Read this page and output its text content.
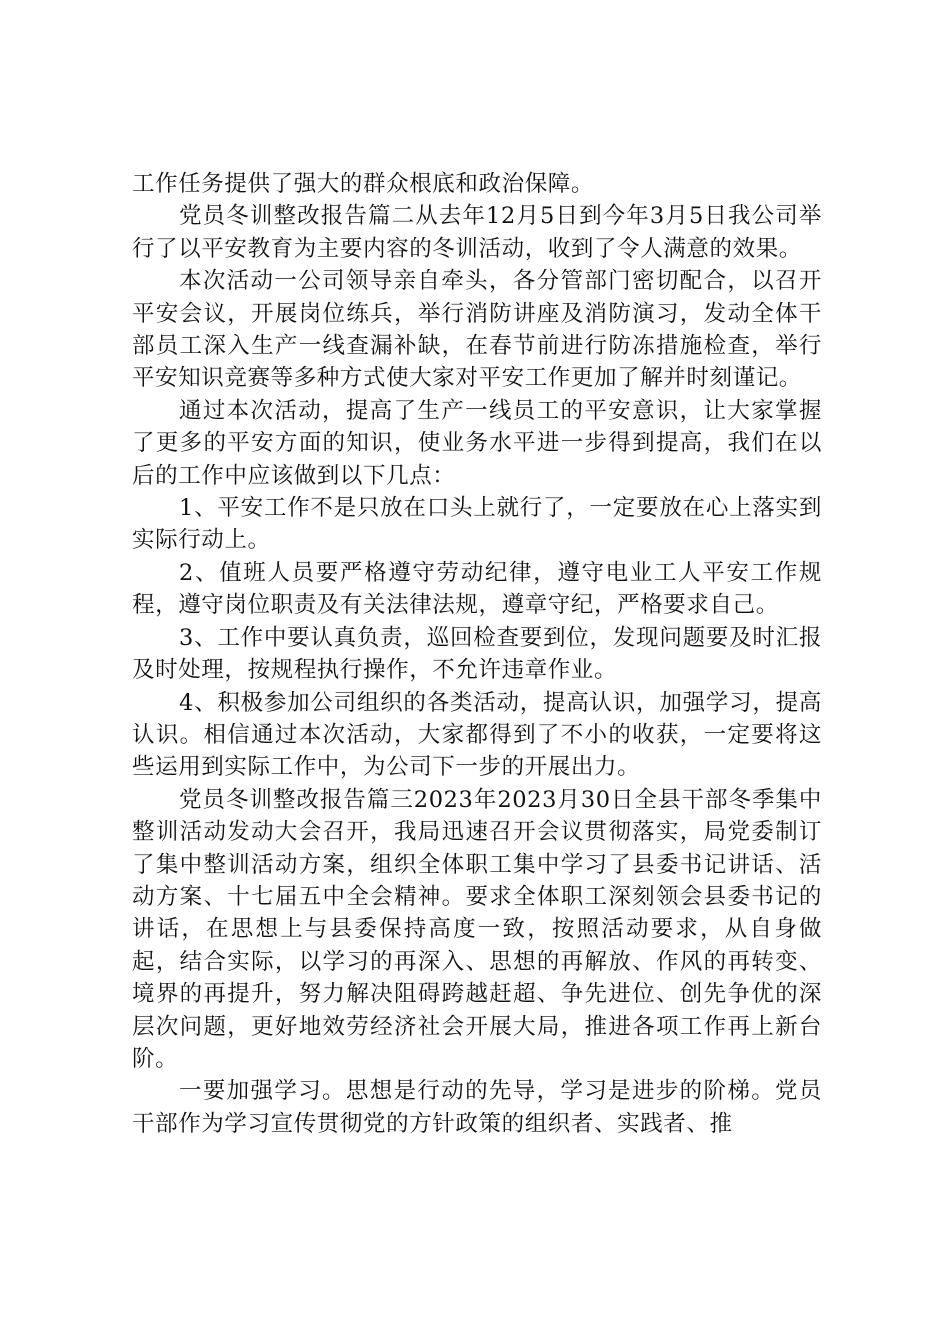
工作任务提供了强大的群众根底和政治保障。

党员冬训整改报告篇二从去年12月5日到今年3月5日我公司举行了以平安教育为主要内容的冬训活动，收到了令人满意的效果。

本次活动一公司领导亲自牵头，各分管部门密切配合，以召开平安会议，开展岗位练兵，举行消防讲座及消防演习，发动全体干部员工深入生产一线查漏补缺，在春节前进行防冻措施检查，举行平安知识竞赛等多种方式使大家对平安工作更加了解并时刻谨记。

通过本次活动，提高了生产一线员工的平安意识，让大家掌握了更多的平安方面的知识，使业务水平进一步得到提高，我们在以后的工作中应该做到以下几点：

1、平安工作不是只放在口头上就行了，一定要放在心上落实到实际行动上。

2、值班人员要严格遵守劳动纪律，遵守电业工人平安工作规程，遵守岗位职责及有关法律法规，遵章守纪，严格要求自己。

3、工作中要认真负责，巡回检查要到位，发现问题要及时汇报及时处理，按规程执行操作，不允许违章作业。

4、积极参加公司组织的各类活动，提高认识，加强学习，提高认识。相信通过本次活动，大家都得到了不小的收获，一定要将这些运用到实际工作中，为公司下一步的开展出力。

党员冬训整改报告篇三2023年2023月30日全县干部冬季集中整训活动发动大会召开，我局迅速召开会议贯彻落实，局党委制订了集中整训活动方案，组织全体职工集中学习了县委书记讲话、活动方案、十七届五中全会精神。要求全体职工深刻领会县委书记的讲话，在思想上与县委保持高度一致，按照活动要求，从自身做起，结合实际，以学习的再深入、思想的再解放、作风的再转变、境界的再提升，努力解决阻碍跨越赶超、争先进位、创先争优的深层次问题，更好地效劳经济社会开展大局，推进各项工作再上新台阶。

一要加强学习。思想是行动的先导，学习是进步的阶梯。党员干部作为学习宣传贯彻党的方针政策的组织者、实践者、推
